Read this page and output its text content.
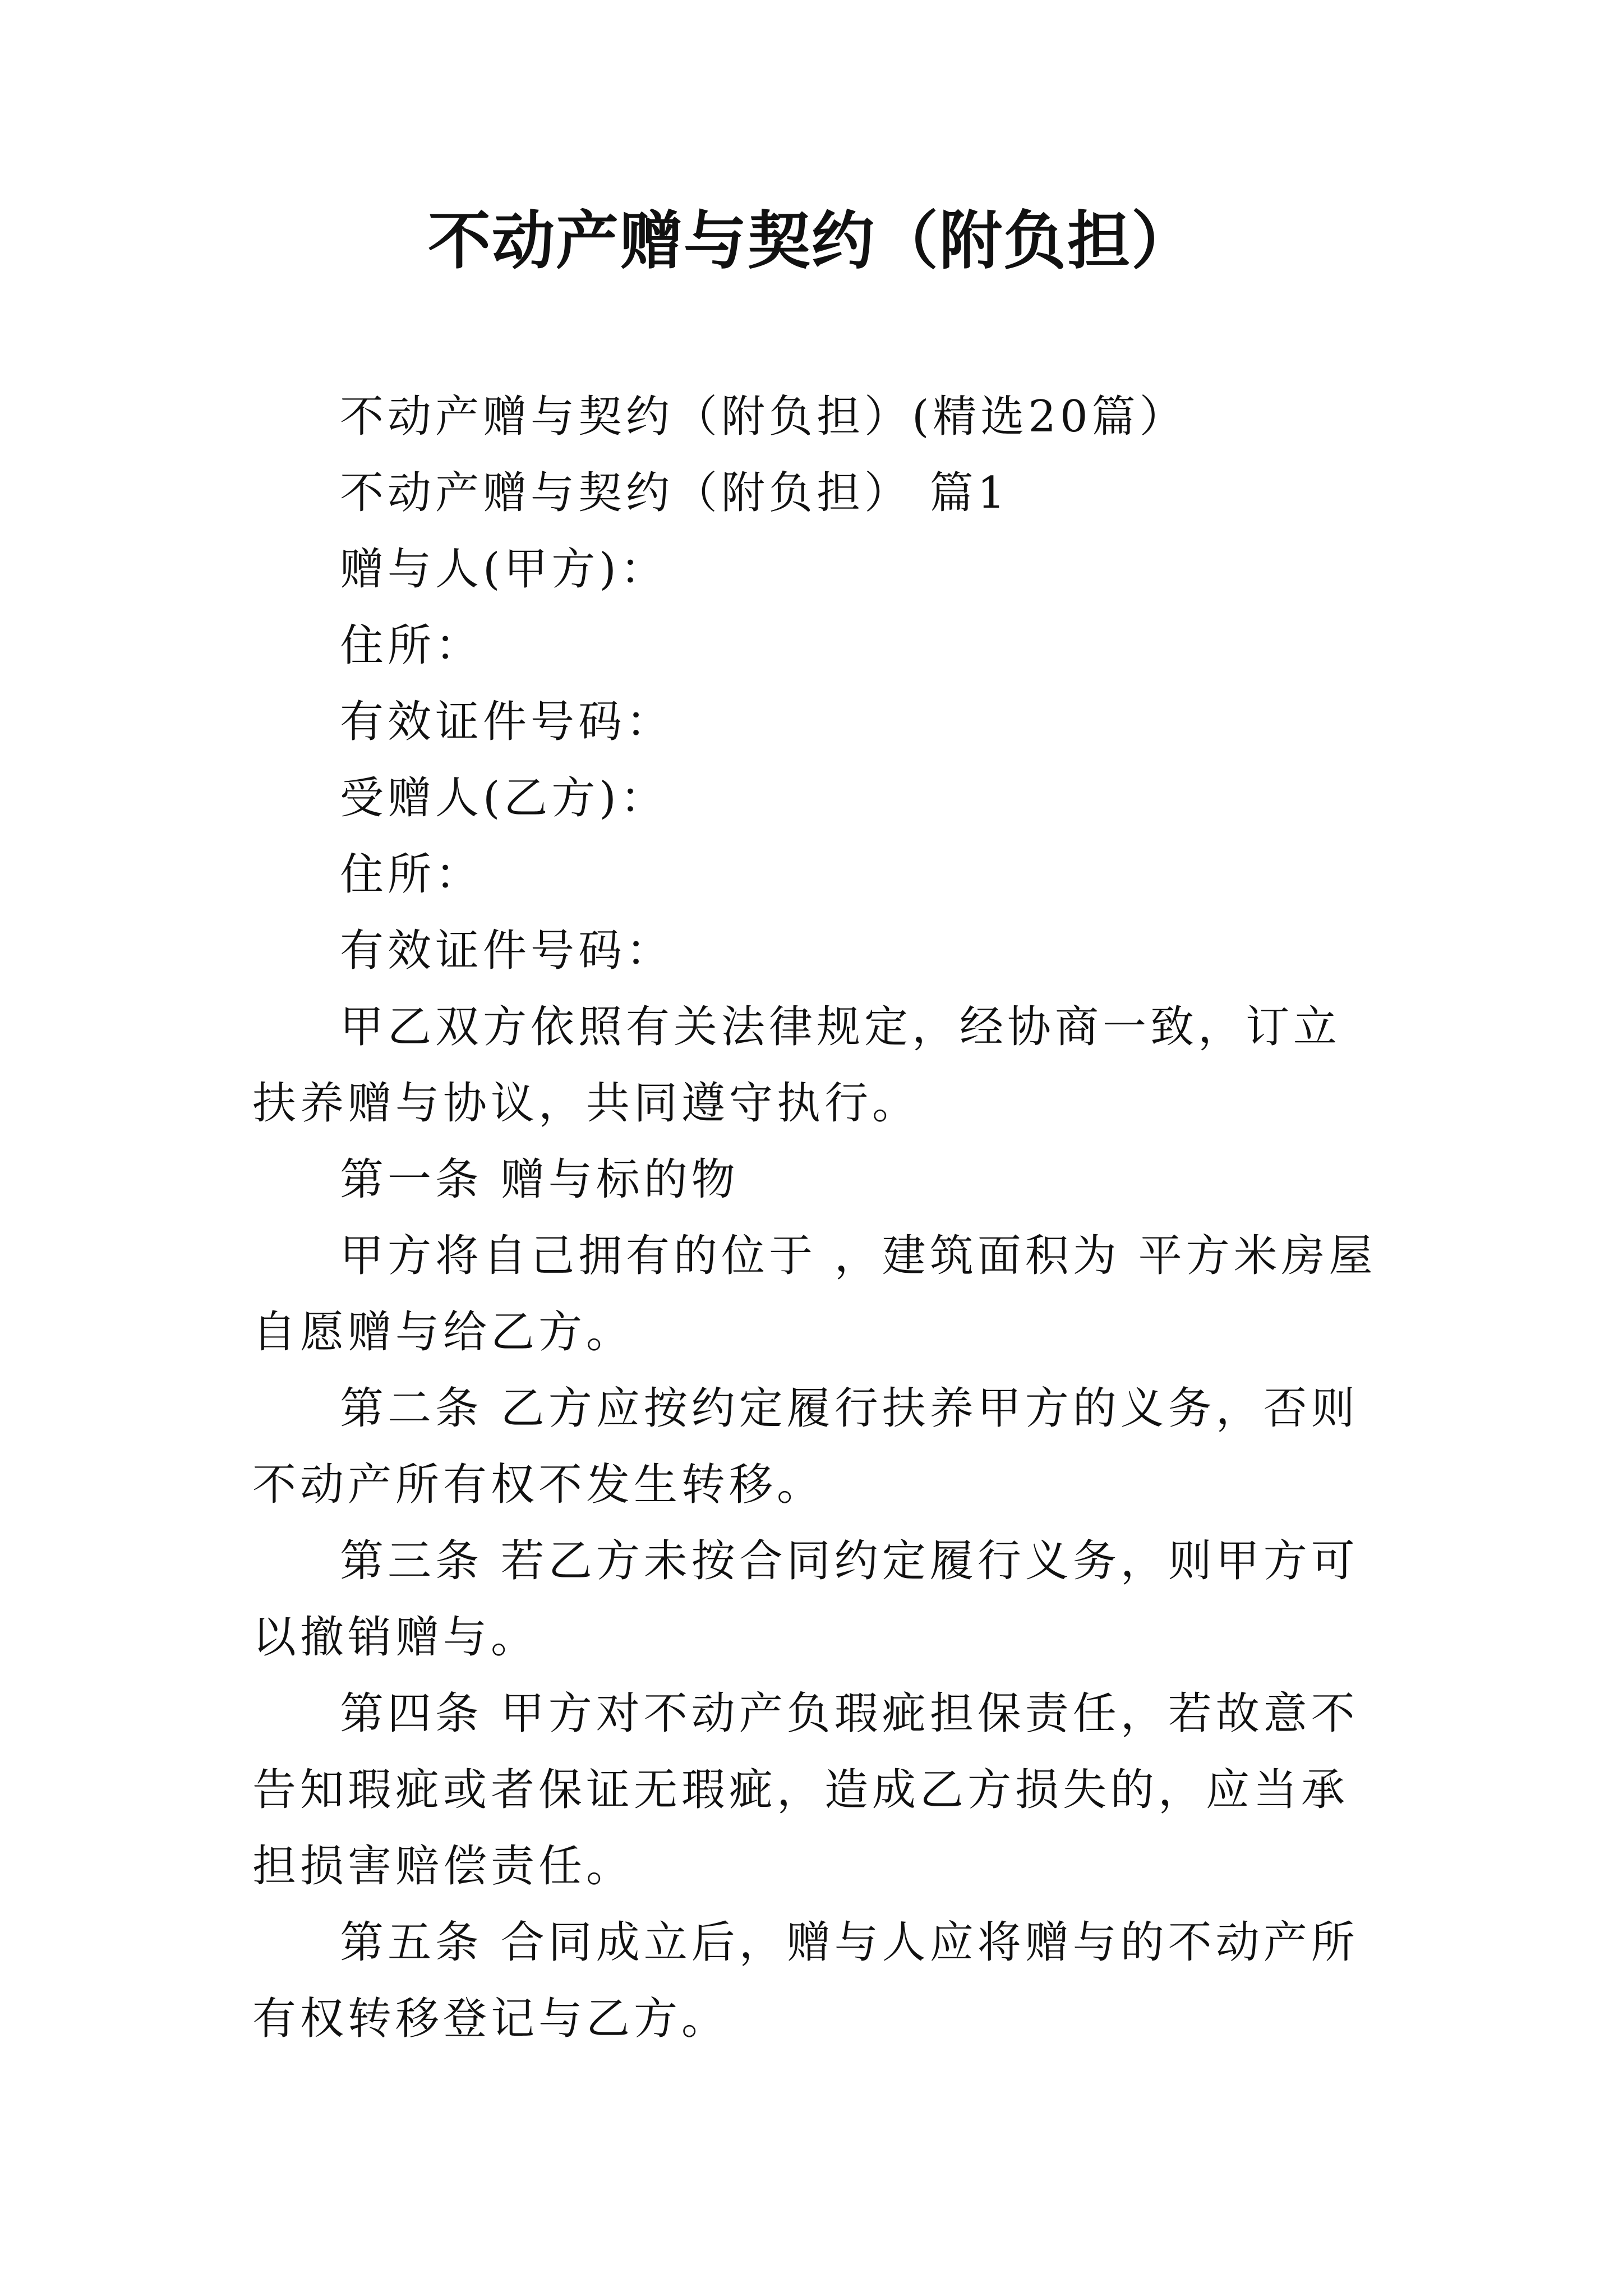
不动产赠与契约（附负担）

不动产赠与契约（附负担）(精选20篇）

不动产赠与契约（附负担） 篇1

赠与人(甲方)：

住所：

有效证件号码：

受赠人(乙方)：

住所：

有效证件号码：

甲乙双方依照有关法律规定，经协商一致，订立扶养赠与协议，共同遵守执行。

第一条 赠与标的物

甲方将自己拥有的位于 ，建筑面积为 平方米房屋自愿赠与给乙方。

第二条 乙方应按约定履行扶养甲方的义务，否则不动产所有权不发生转移。

第三条 若乙方未按合同约定履行义务，则甲方可以撤销赠与。

第四条 甲方对不动产负瑕疵担保责任，若故意不告知瑕疵或者保证无瑕疵，造成乙方损失的，应当承担损害赔偿责任。

第五条 合同成立后，赠与人应将赠与的不动产所有权转移登记与乙方。
